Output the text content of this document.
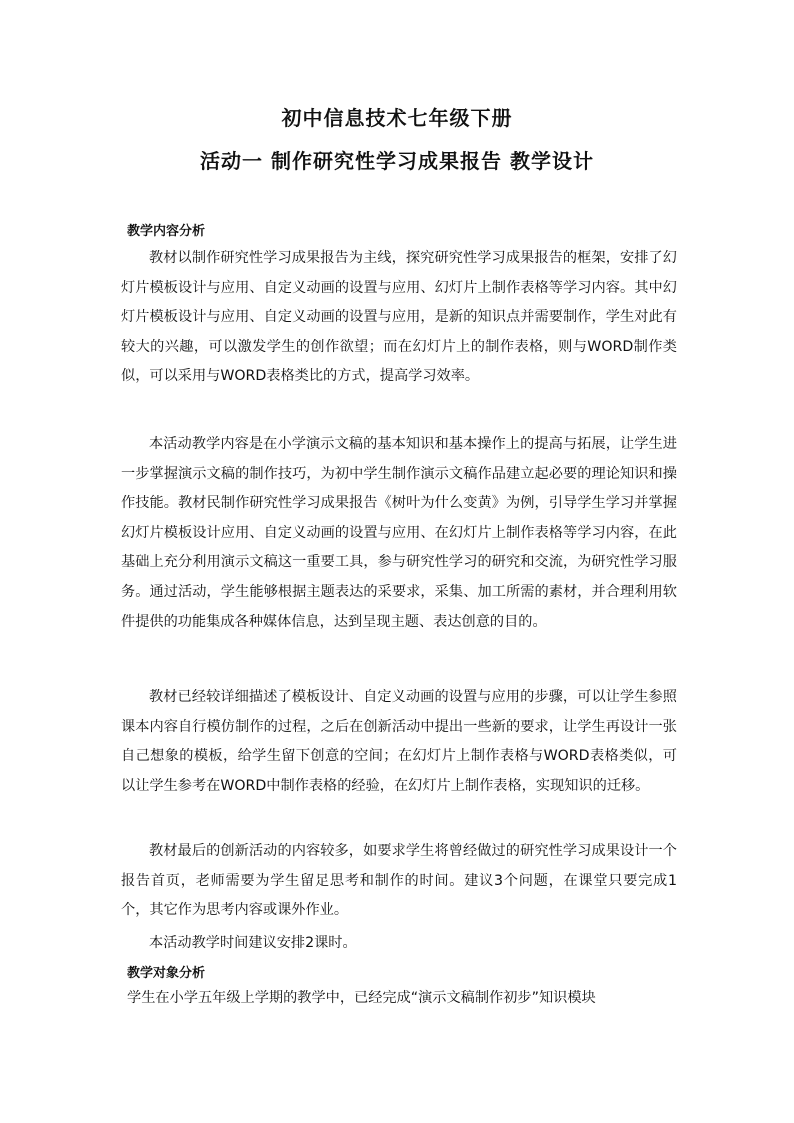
初中信息技术七年级下册
活动一 制作研究性学习成果报告 教学设计
教学内容分析

教材以制作研究性学习成果报告为主线，探究研究性学习成果报告的框架，安排了幻灯片模板设计与应用、自定义动画的设置与应用、幻灯片上制作表格等学习内容。其中幻灯片模板设计与应用、自定义动画的设置与应用，是新的知识点并需要制作，学生对此有较大的兴趣，可以激发学生的创作欲望；而在幻灯片上的制作表格，则与WORD制作类似，可以采用与WORD表格类比的方式，提高学习效率。

本活动教学内容是在小学演示文稿的基本知识和基本操作上的提高与拓展，让学生进一步掌握演示文稿的制作技巧，为初中学生制作演示文稿作品建立起必要的理论知识和操作技能。教材民制作研究性学习成果报告《树叶为什么变黄》为例，引导学生学习并掌握幻灯片模板设计应用、自定义动画的设置与应用、在幻灯片上制作表格等学习内容，在此基础上充分利用演示文稿这一重要工具，参与研究性学习的研究和交流，为研究性学习服务。通过活动，学生能够根据主题表达的采要求，采集、加工所需的素材，并合理利用软件提供的功能集成各种媒体信息，达到呈现主题、表达创意的目的。

教材已经较详细描述了模板设计、自定义动画的设置与应用的步骤，可以让学生参照课本内容自行模仿制作的过程，之后在创新活动中提出一些新的要求，让学生再设计一张自己想象的模板，给学生留下创意的空间；在幻灯片上制作表格与WORD表格类似，可以让学生参考在WORD中制作表格的经验，在幻灯片上制作表格，实现知识的迁移。

教材最后的创新活动的内容较多，如要求学生将曾经做过的研究性学习成果设计一个报告首页，老师需要为学生留足思考和制作的时间。建议3个问题，在课堂只要完成1个，其它作为思考内容或课外作业。

本活动教学时间建议安排2课时。

教学对象分析

学生在小学五年级上学期的教学中，已经完成“演示文稿制作初步”知识模块
